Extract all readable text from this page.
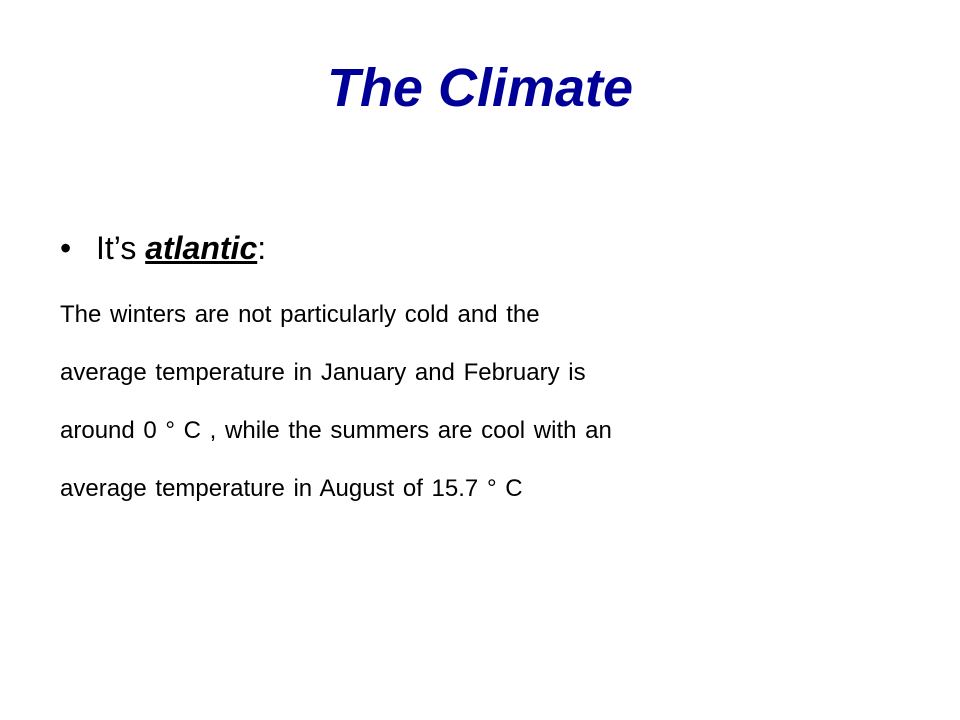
The Climate
• It’s atlantic:

The winters are not particularly cold and the
average temperature in January and February is
around 0 ° C , while the summers are cool with an
average temperature in August of 15.7 ° C
